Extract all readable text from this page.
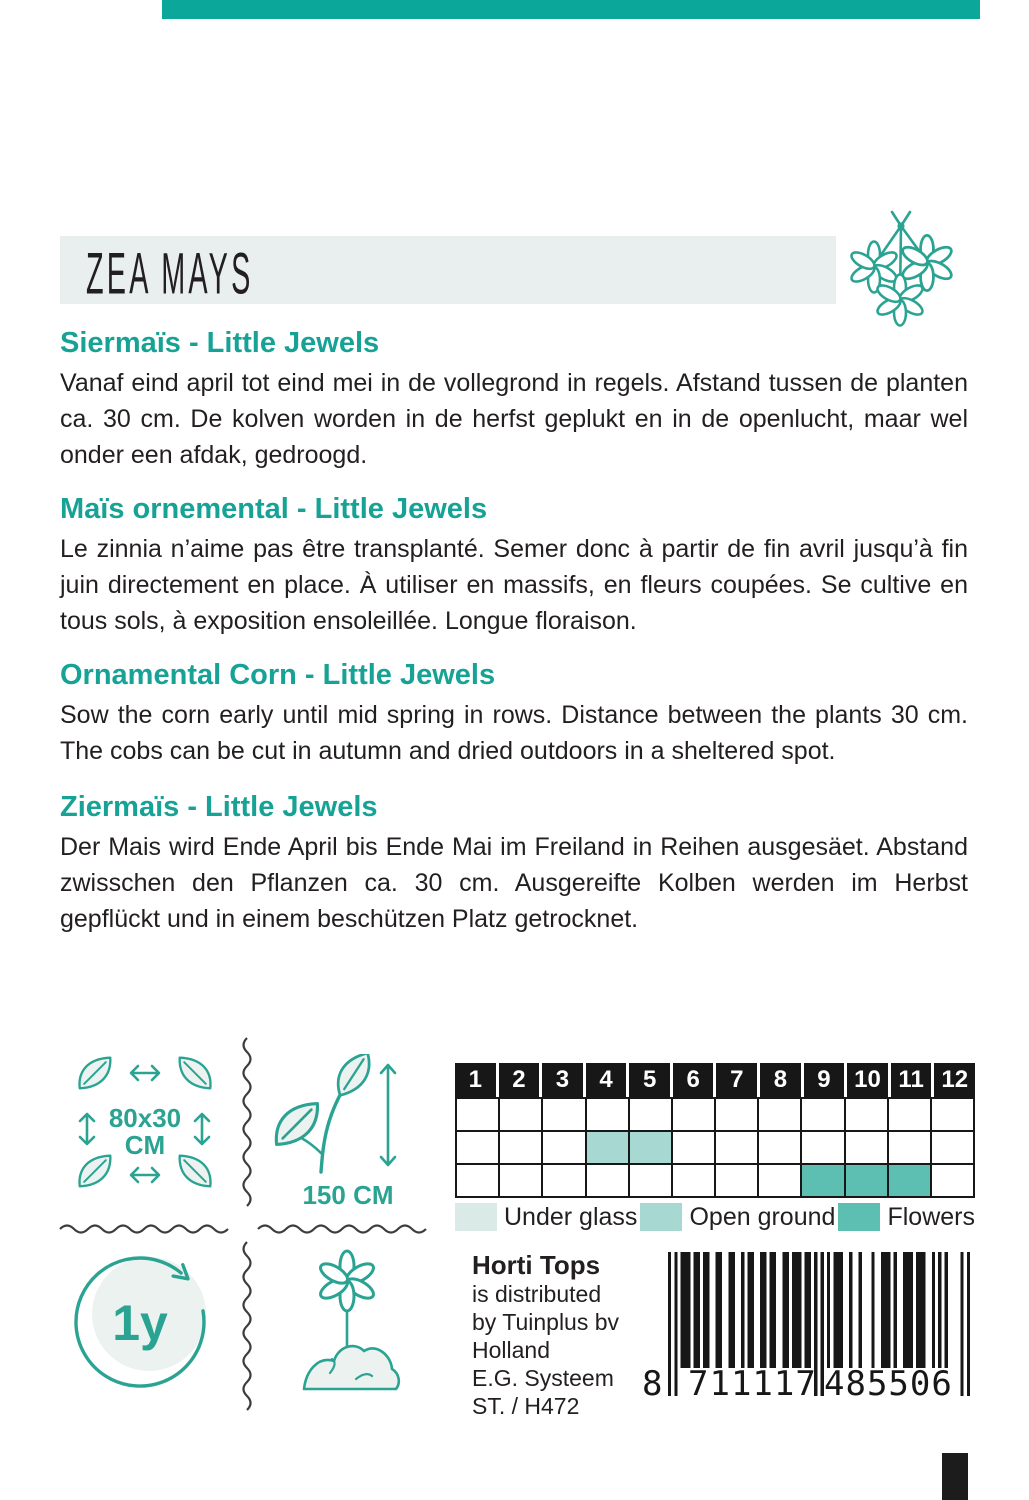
ZEA MAYS
Siermaïs - Little Jewels

Vanaf eind april tot eind mei in de vollegrond in regels. Afstand tussen de planten ca. 30 cm. De kolven worden in de herfst geplukt en in de openlucht, maar wel onder een afdak, gedroogd.

Maïs ornemental - Little Jewels

Le zinnia n’aime pas être transplanté. Semer donc à partir de fin avril jusqu’à fin juin directement en place. À utiliser en massifs, en fleurs coupées. Se cultive en tous sols, à exposition ensoleillée. Longue floraison.

Ornamental Corn - Little Jewels

Sow the corn early until mid spring in rows. Distance between the plants 30 cm. The cobs can be cut in autumn and dried outdoors in a sheltered spot.

Ziermaïs - Little Jewels

Der Mais wird Ende April bis Ende Mai im Freiland in Reihen ausgesäet. Abstand zwisschen den Pflanzen ca. 30 cm. Ausgereifte Kolben werden im Herbst gepflückt und in einem beschützen Platz getrocknet.

80x30
CM
150 CM
1	2	3	4	5	6	7	8	9 10 11 12
Under glass Open ground Flowers
1y
Horti Tops
is distributed
by Tuinplus bv
Holland
E.G. Systeem
ST. / H472
8 711117 485506
